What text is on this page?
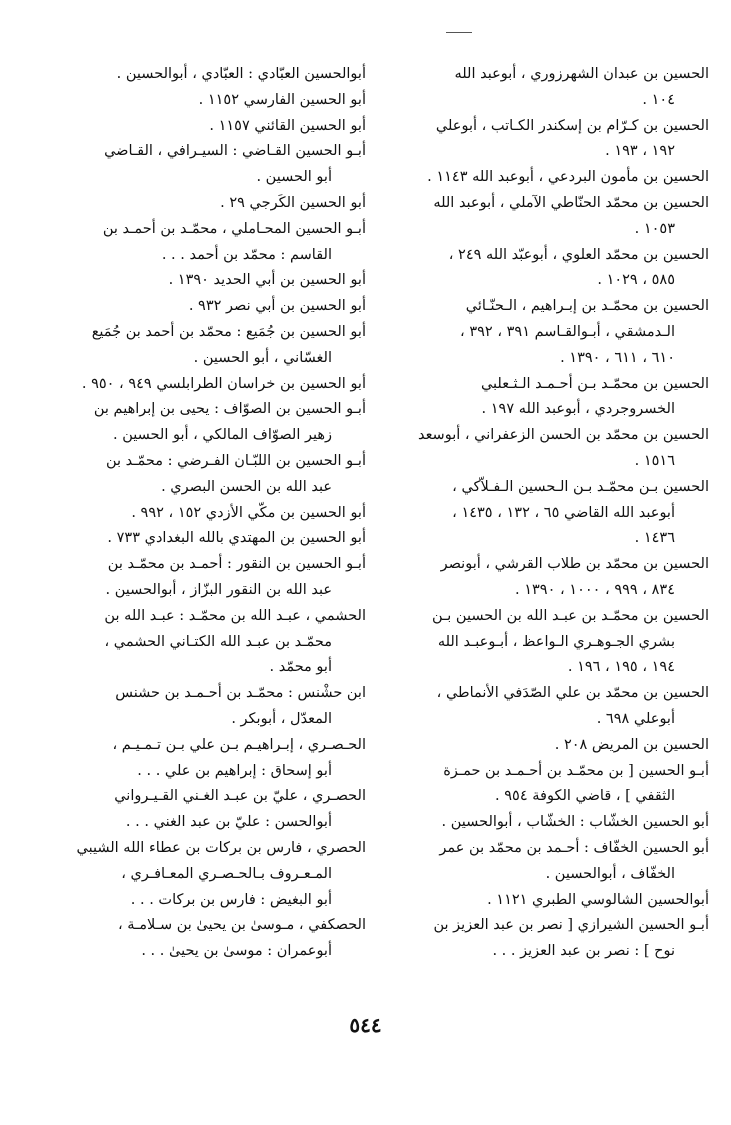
الحسين بن عبدان الشهرزوري ، أبوعبد الله
١٠٤ .
الحسين بن كـرّام بن إسكندر الكـاتب ، أبوعلي
١٩٢ ، ١٩٣ .
الحسين بن مأمون البردعي ، أبوعبد الله ١١٤٣ .
الحسين بن محمّد الحنّاطي الآملي ، أبوعبد الله
١٠٥٣ .
الحسين بن محمّد العلوي ، أبوعبّد الله ٢٤٩ ،
٥٨٥ ، ١٠٢٩ .
الحسين بن محمّـد بن إبـراهيم ، الـحنّـائي
الـدمشقي ، أبـوالقـاسم ٣٩١ ، ٣٩٢ ،
٦١٠ ، ٦١١ ، ١٣٩٠ .
الحسين بن محمّـد بـن أحـمـد الـثـعلبي
الخسروجردي ، أبوعبد الله ١٩٧ .
الحسين بن محمّد بن الحسن الزعفراني ، أبوسعد
١٥١٦ .
الحسين بـن محمّـد بـن الـحسين الـفـلاّكي ،
أبوعبد الله القاضي ٦٥ ، ١٣٢ ، ١٤٣٥ ،
١٤٣٦ .
الحسين بن محمّد بن طلاب القرشي ، أبونصر
٨٣٤ ، ٩٩٩ ، ١٠٠٠ ، ١٣٩٠ .
الحسين بن محمّـد بن عبـد الله بن الحسين بـن
بشري الجـوهـري الـواعظ ، أبـوعبـد الله
١٩٤ ، ١٩٥ ، ١٩٦ .
الحسين بن محمّد بن علي الصّدَفي الأنماطي ،
أبوعلي ٦٩٨ .
الحسين بن المريض ٢٠٨ .
أبـو الحسين [ بن محمّـد بن أحـمـد بن حمـزة
الثقفي ] ، قاضي الكوفة ٩٥٤ .
أبو الحسين الخشّاب : الخشّاب ، أبوالحسين .
أبو الحسين الخفّاف : أحـمد بن محمّد بن عمر
الخفّاف ، أبوالحسين .
أبوالحسين الشالوسي الطبري ١١٢١ .
أبـو الحسين الشيرازي [ نصر بن عبد العزيز بن
نوح ] : نصر بن عبد العزيز . . .
أبوالحسين العبّادي : العبّادي ، أبوالحسين .
أبو الحسين الفارسي ١١٥٢ .
أبو الحسين القائني ١١٥٧ .
أبـو الحسين القـاضي : السيـرافي ، القـاضي
أبو الحسين .
أبو الحسين الكَرجي ٢٩ .
أبـو الحسين المحـاملي ، محمّـد بن أحمـد بن
القاسم : محمّد بن أحمد . . .
أبو الحسين بن أبي الحديد ١٣٩٠ .
أبو الحسين بن أبي نصر ٩٣٢ .
أبو الحسين بن جُمَيع : محمّد بن أحمد بن جُمَيع
الغسّاني ، أبو الحسين .
أبو الحسين بن خراسان الطرابلسي ٩٤٩ ، ٩٥٠ .
أبـو الحسين بن الصوّاف : يحيى بن إبراهيم بن
زهير الصوّاف المالكي ، أبو الحسين .
أبـو الحسين بن اللبّـان الفـرضي : محمّـد بن
عبد الله بن الحسن البصري .
أبو الحسين بن مكّي الأزدي ١٥٢ ، ٩٩٢ .
أبو الحسين بن المهتدي بالله البغدادي ٧٣٣ .
أبـو الحسين بن النقور : أحمـد بن محمّـد بن
عبد الله بن النقور البزّاز ، أبوالحسين .
الحشمي ، عبـد الله بن محمّـد : عبـد الله بن
محمّـد بن عبـد الله الكتـاني الحشمي ،
أبو محمّد .
ابن حشْنس : محمّـد بن أحـمـد بن حشنس
المعدّل ، أبوبكر .
الحـصـري ، إبـراهيـم بـن علي بـن تـمـيـم ،
أبو إسحاق : إبراهيم بن علي . . .
الحصـري ، عليّ بن عبـد الغـني القـيـرواني
أبوالحسن : عليّ بن عبد الغني . . .
الحصري ، فارس بن بركات بن عطاء الله الشيبي
المـعـروف بـالحـصـري المعـافـري ،
أبو البغيض : فارس بن بركات . . .
الحصكفي ، مـوسىٰ بن يحيىٰ بن سـلامـة ،
أبوعمران : موسىٰ بن يحيىٰ . . .
٥٤٤
